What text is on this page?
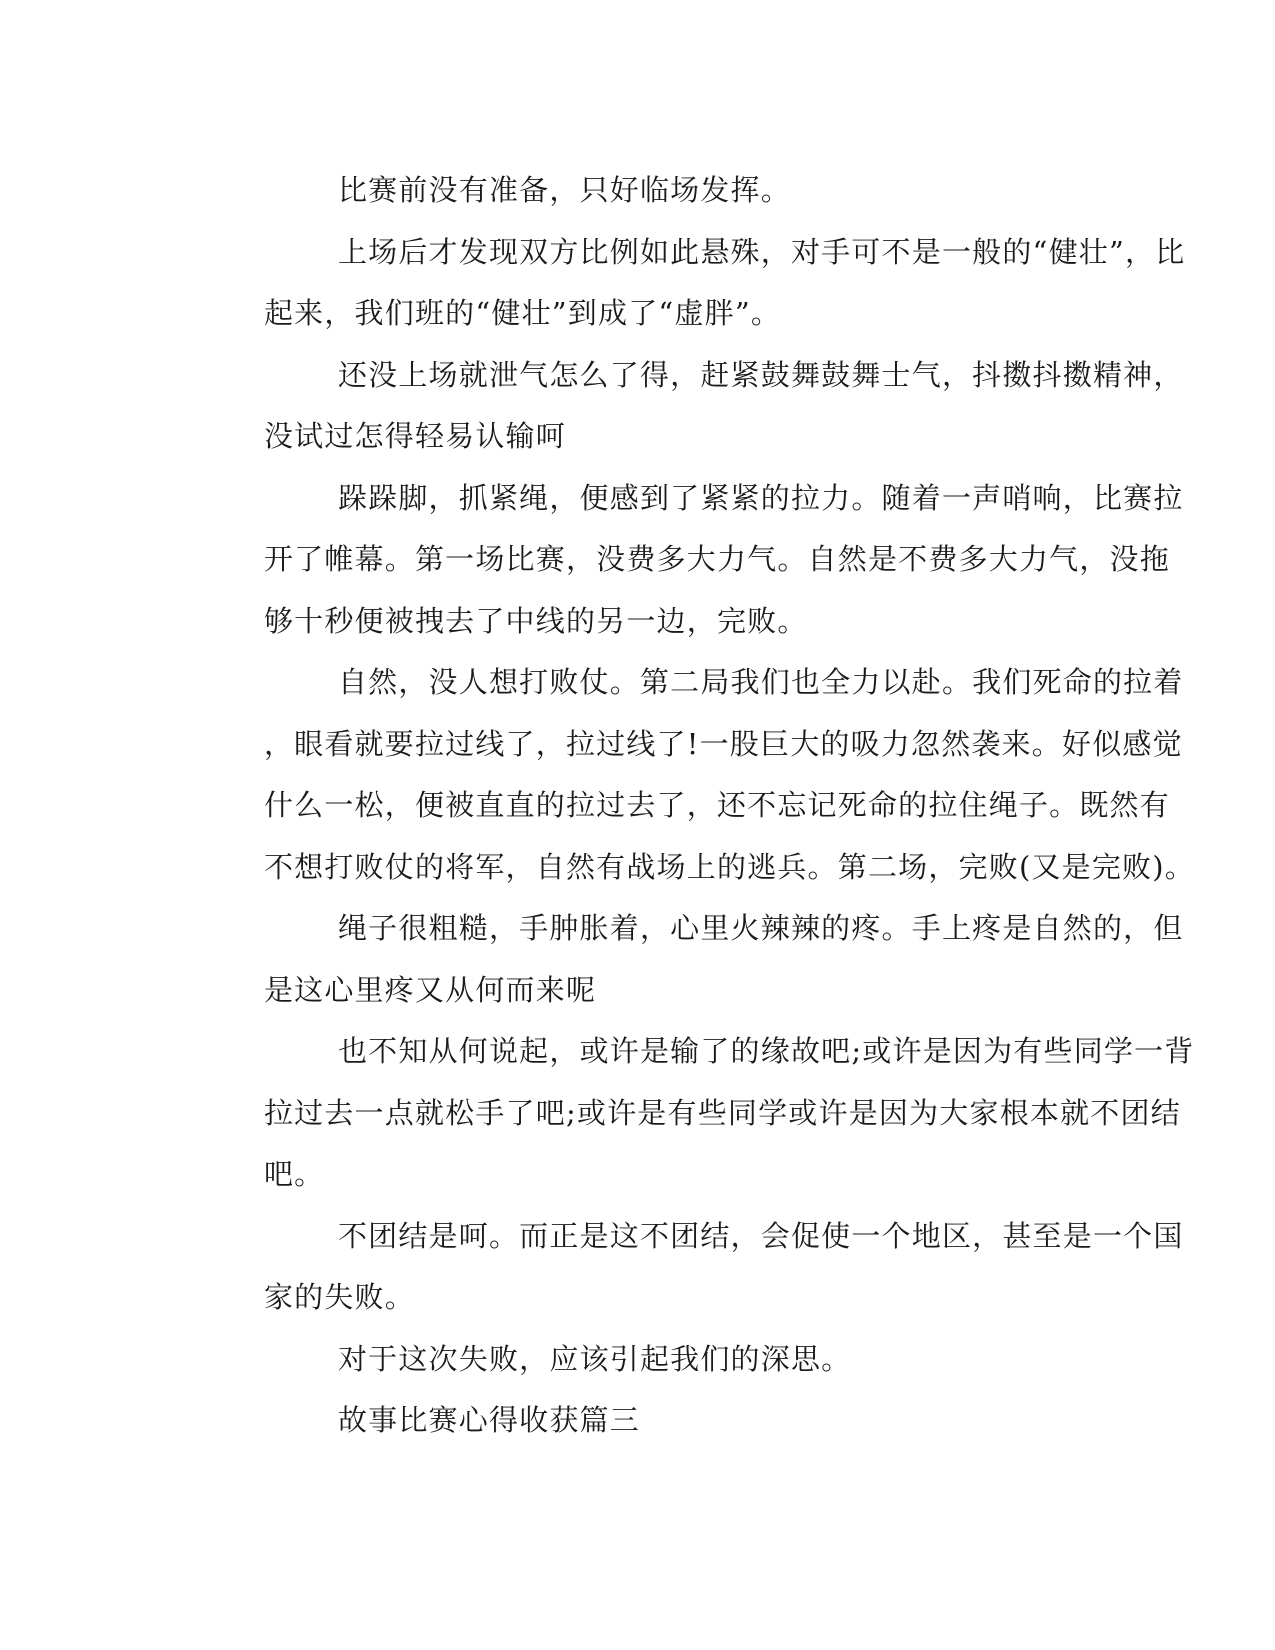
比赛前没有准备，只好临场发挥。

上场后才发现双方比例如此悬殊，对手可不是一般的“健壮”，比
起来，我们班的“健壮”到成了“虚胖”。

还没上场就泄气怎么了得，赶紧鼓舞鼓舞士气，抖擞抖擞精神，
没试过怎得轻易认输呵

跺跺脚，抓紧绳，便感到了紧紧的拉力。随着一声哨响，比赛拉
开了帷幕。第一场比赛，没费多大力气。自然是不费多大力气，没拖
够十秒便被拽去了中线的另一边，完败。

自然，没人想打败仗。第二局我们也全力以赴。我们死命的拉着
，眼看就要拉过线了，拉过线了!一股巨大的吸力忽然袭来。好似感觉
什么一松，便被直直的拉过去了，还不忘记死命的拉住绳子。既然有
不想打败仗的将军，自然有战场上的逃兵。第二场，完败(又是完败)。

绳子很粗糙，手肿胀着，心里火辣辣的疼。手上疼是自然的，但
是这心里疼又从何而来呢

也不知从何说起，或许是输了的缘故吧;或许是因为有些同学一背
拉过去一点就松手了吧;或许是有些同学或许是因为大家根本就不团结
吧。

不团结是呵。而正是这不团结，会促使一个地区，甚至是一个国
家的失败。

对于这次失败，应该引起我们的深思。

故事比赛心得收获篇三
